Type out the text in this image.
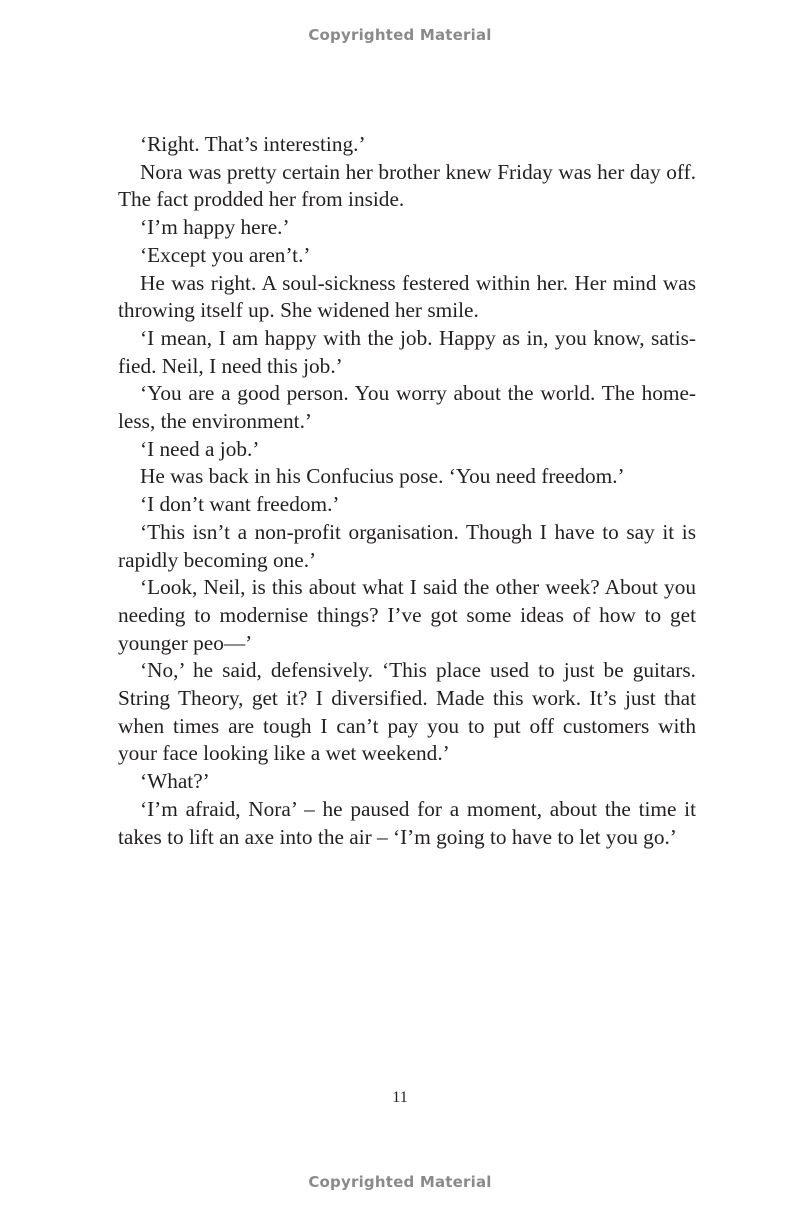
Copyrighted Material

‘Right. That’s interesting.’

Nora was pretty certain her brother knew Friday was her day off. The fact prodded her from inside.

‘I’m happy here.’

‘Except you aren’t.’

He was right. A soul-sickness festered within her. Her mind was throwing itself up. She widened her smile.

‘I mean, I am happy with the job. Happy as in, you know, satis-fied. Neil, I need this job.’

‘You are a good person. You worry about the world. The home-less, the environment.’

‘I need a job.’

He was back in his Confucius pose. ‘You need freedom.’

‘I don’t want freedom.’

‘This isn’t a non-profit organisation. Though I have to say it is rapidly becoming one.’

‘Look, Neil, is this about what I said the other week? About you needing to modernise things? I’ve got some ideas of how to get younger peo—’

‘No,’ he said, defensively. ‘This place used to just be guitars. String Theory, get it? I diversified. Made this work. It’s just that when times are tough I can’t pay you to put off customers with your face looking like a wet weekend.’

‘What?’

‘I’m afraid, Nora’ – he paused for a moment, about the time it takes to lift an axe into the air – ‘I’m going to have to let you go.’

11
Copyrighted Material
